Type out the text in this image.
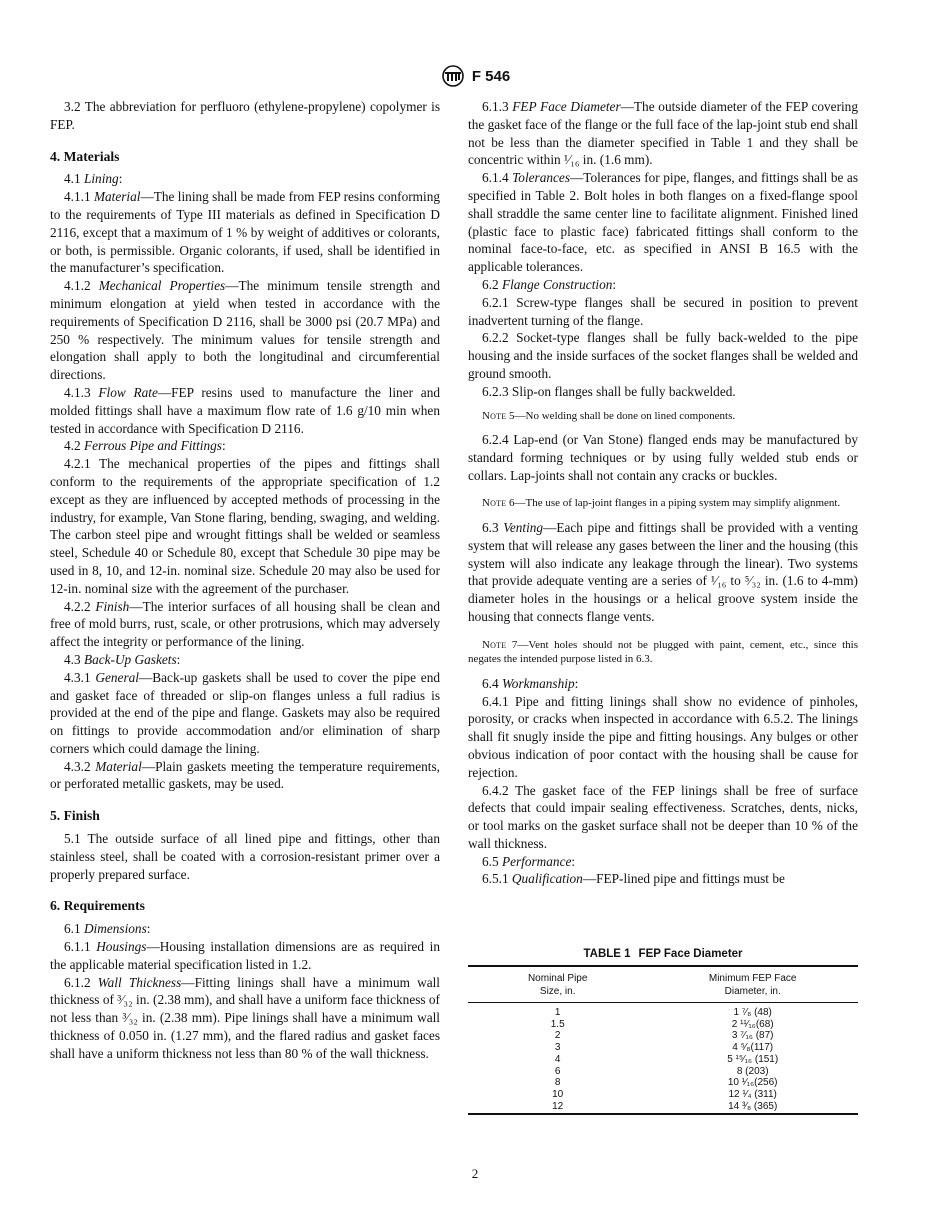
F 546

3.2 The abbreviation for perfluoro (ethylene-propylene) copolymer is FEP.

4. Materials

4.1 Lining:

4.1.1 Material—The lining shall be made from FEP resins conforming to the requirements of Type III materials as defined in Specification D 2116, except that a maximum of 1 % by weight of additives or colorants, or both, is permissible. Organic colorants, if used, shall be identified in the manufacturer’s specification.

4.1.2 Mechanical Properties—The minimum tensile strength and minimum elongation at yield when tested in accordance with the requirements of Specification D 2116, shall be 3000 psi (20.7 MPa) and 250 % respectively. The minimum values for tensile strength and elongation shall apply to both the longitudinal and circumferential directions.

4.1.3 Flow Rate—FEP resins used to manufacture the liner and molded fittings shall have a maximum flow rate of 1.6 g/10 min when tested in accordance with Specification D 2116.

4.2 Ferrous Pipe and Fittings:

4.2.1 The mechanical properties of the pipes and fittings shall conform to the requirements of the appropriate specification of 1.2 except as they are influenced by accepted methods of processing in the industry, for example, Van Stone flaring, bending, swaging, and welding. The carbon steel pipe and wrought fittings shall be welded or seamless steel, Schedule 40 or Schedule 80, except that Schedule 30 pipe may be used in 8, 10, and 12-in. nominal size. Schedule 20 may also be used for 12-in. nominal size with the agreement of the purchaser.

4.2.2 Finish—The interior surfaces of all housing shall be clean and free of mold burrs, rust, scale, or other protrusions, which may adversely affect the integrity or performance of the lining.

4.3 Back-Up Gaskets:

4.3.1 General—Back-up gaskets shall be used to cover the pipe end and gasket face of threaded or slip-on flanges unless a full radius is provided at the end of the pipe and flange. Gaskets may also be required on fittings to provide accommodation and/or elimination of sharp corners which could damage the lining.

4.3.2 Material—Plain gaskets meeting the temperature requirements, or perforated metallic gaskets, may be used.

5. Finish

5.1 The outside surface of all lined pipe and fittings, other than stainless steel, shall be coated with a corrosion-resistant primer over a properly prepared surface.

6. Requirements

6.1 Dimensions:

6.1.1 Housings—Housing installation dimensions are as required in the applicable material specification listed in 1.2.

6.1.2 Wall Thickness—Fitting linings shall have a minimum wall thickness of ³⁄₃₂ in. (2.38 mm), and shall have a uniform face thickness of not less than ³⁄₃₂ in. (2.38 mm). Pipe linings shall have a minimum wall thickness of 0.050 in. (1.27 mm), and the flared radius and gasket faces shall have a uniform thickness not less than 80 % of the wall thickness.

6.1.3 FEP Face Diameter—The outside diameter of the FEP covering the gasket face of the flange or the full face of the lap-joint stub end shall not be less than the diameter specified in Table 1 and they shall be concentric within ¹⁄₁₆ in. (1.6 mm).

6.1.4 Tolerances—Tolerances for pipe, flanges, and fittings shall be as specified in Table 2. Bolt holes in both flanges on a fixed-flange spool shall straddle the same center line to facilitate alignment. Finished lined (plastic face to plastic face) fabricated fittings shall conform to the nominal face-to-face, etc. as specified in ANSI B 16.5 with the applicable tolerances.

6.2 Flange Construction:

6.2.1 Screw-type flanges shall be secured in position to prevent inadvertent turning of the flange.

6.2.2 Socket-type flanges shall be fully back-welded to the pipe housing and the inside surfaces of the socket flanges shall be welded and ground smooth.

6.2.3 Slip-on flanges shall be fully backwelded.

Note 5—No welding shall be done on lined components.

6.2.4 Lap-end (or Van Stone) flanged ends may be manufactured by standard forming techniques or by using fully welded stub ends or collars. Lap-joints shall not contain any cracks or buckles.

Note 6—The use of lap-joint flanges in a piping system may simplify alignment.

6.3 Venting—Each pipe and fittings shall be provided with a venting system that will release any gases between the liner and the housing (this system will also indicate any leakage through the linear). Two systems that provide adequate venting are a series of ¹⁄₁₆ to ⁵⁄₃₂ in. (1.6 to 4-mm) diameter holes in the housings or a helical groove system inside the housing that connects flange vents.

Note 7—Vent holes should not be plugged with paint, cement, etc., since this negates the intended purpose listed in 6.3.

6.4 Workmanship:

6.4.1 Pipe and fitting linings shall show no evidence of pinholes, porosity, or cracks when inspected in accordance with 6.5.2. The linings shall fit snugly inside the pipe and fitting housings. Any bulges or other obvious indication of poor contact with the housing shall be cause for rejection.

6.4.2 The gasket face of the FEP linings shall be free of surface defects that could impair sealing effectiveness. Scratches, dents, nicks, or tool marks on the gasket surface shall not be deeper than 10 % of the wall thickness.

6.5 Performance:

6.5.1 Qualification—FEP-lined pipe and fittings must be

TABLE 1 FEP Face Diameter
Nominal Pipe
Size, in.	Minimum FEP Face
Diameter, in.
1	1 ⁷⁄₈ (48)
1.5	2 ¹¹⁄₁₆(68)
2	3 ⁷⁄₁₆ (87)
3	4 ⁵⁄₈(117)
4	5 ¹⁵⁄₁₆ (151)
6	8 (203)
8	10 ¹⁄₁₆(256)
10	12 ¹⁄₄ (311)
12	14 ³⁄₈ (365)
2
